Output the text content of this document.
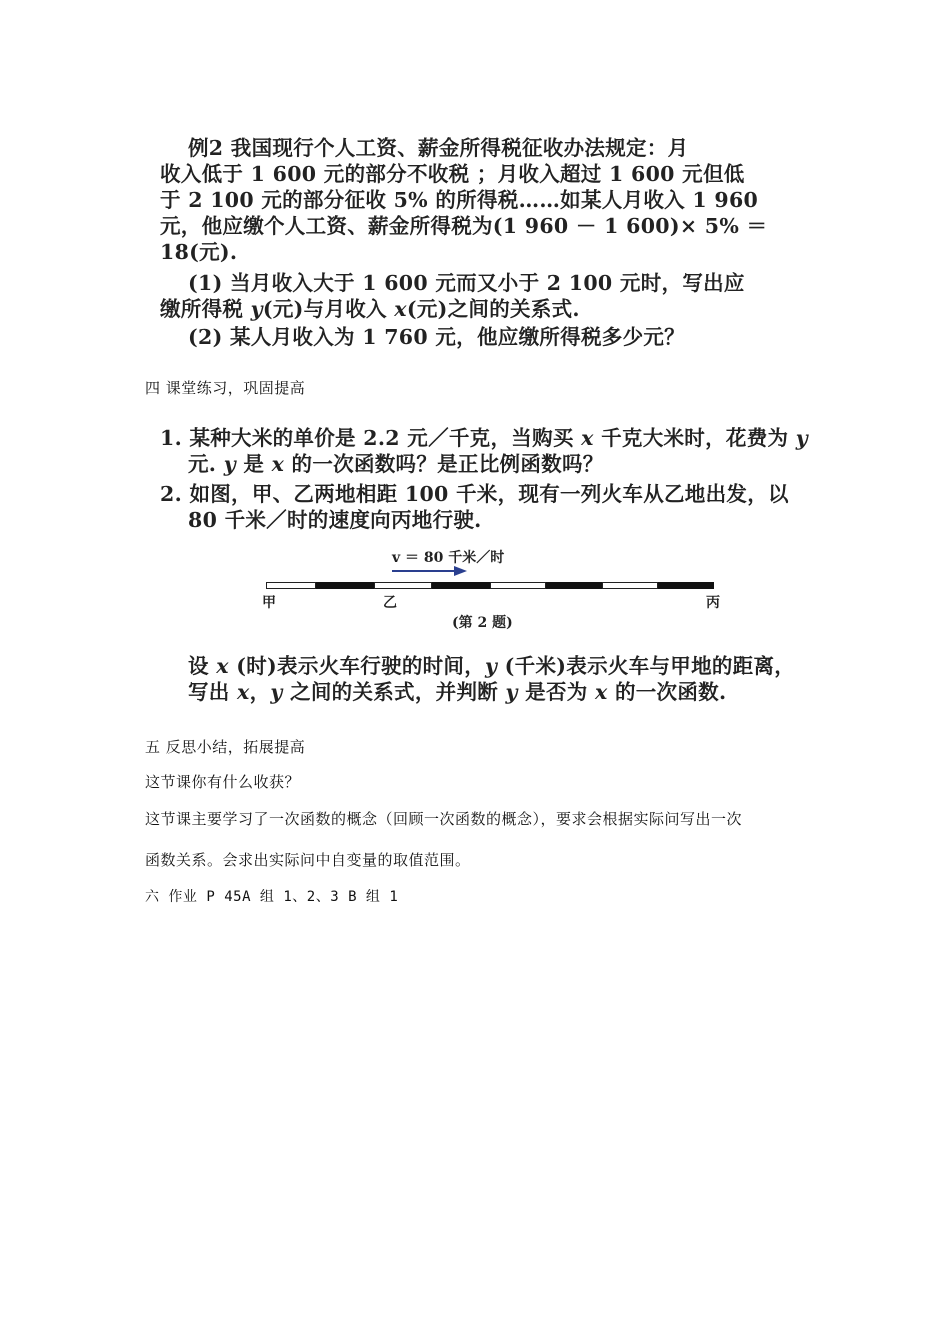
例2 我国现行个人工资、薪金所得税征收办法规定：月
收入低于 1 600 元的部分不收税 ；月收入超过 1 600 元但低
于 2 100 元的部分征收 5% 的所得税……如某人月收入 1 960
元，他应缴个人工资、薪金所得税为(1 960 － 1 600)× 5% ＝
18(元).
(1) 当月收入大于 1 600 元而又小于 2 100 元时，写出应
缴所得税 y(元)与月收入 x(元)之间的关系式.
(2) 某人月收入为 1 760 元，他应缴所得税多少元？
四 课堂练习，巩固提高
1. 某种大米的单价是 2.2 元／千克，当购买 x 千克大米时，花费为 y
元. y 是 x 的一次函数吗？是正比例函数吗？
2. 如图，甲、乙两地相距 100 千米，现有一列火车从乙地出发，以
80 千米／时的速度向丙地行驶.
v ＝ 80 千米／时
甲	乙	丙
(第 2 题)
设 x (时)表示火车行驶的时间，y (千米)表示火车与甲地的距离，
写出 x，y 之间的关系式，并判断 y 是否为 x 的一次函数.
五 反思小结，拓展提高
这节课你有什么收获？
这节课主要学习了一次函数的概念（回顾一次函数的概念），要求会根据实际问写出一次
函数关系。会求出实际问中自变量的取值范围。
六 作业 P 45A 组 1、2、3 B 组 1
